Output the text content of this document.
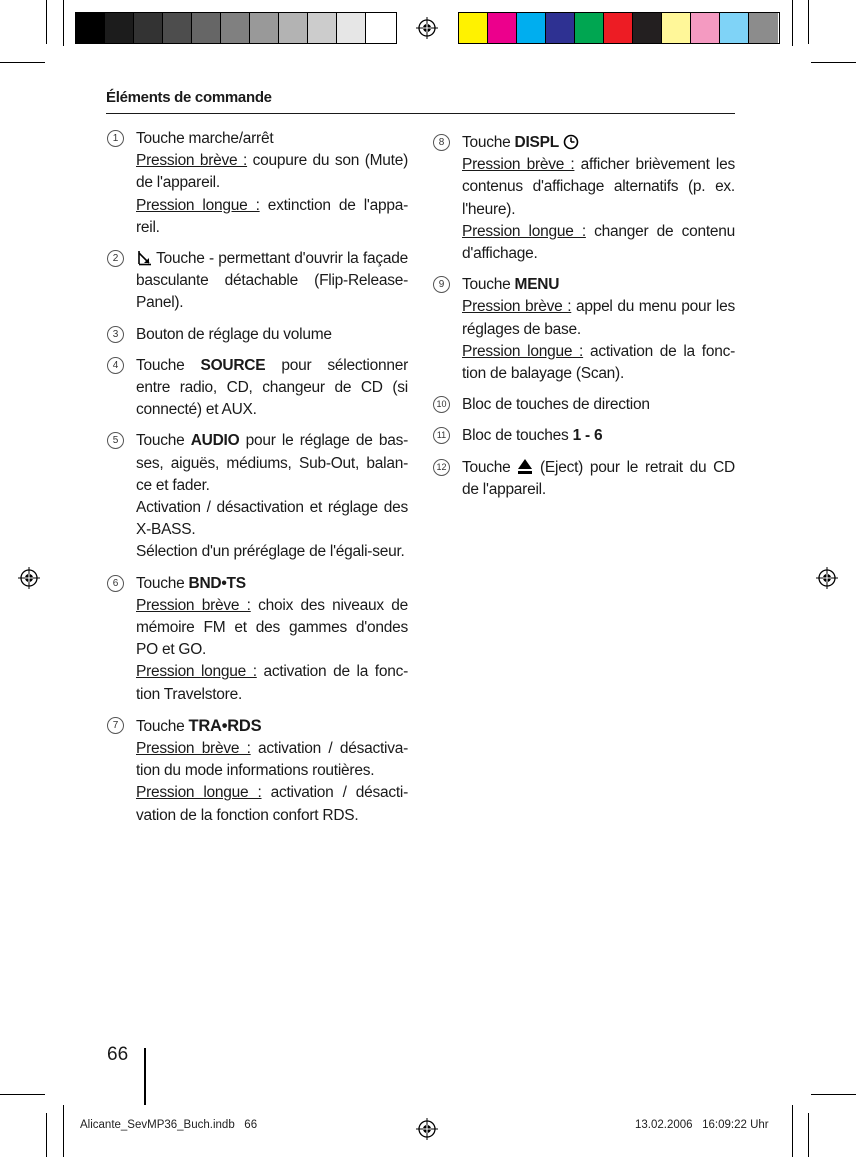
Éléments de commande
1	Touche marche/arrêt

Pression brève : coupure du son (Mute) de l'appareil.

Pression longue : extinction de l'appa-reil.

2	Touche - permettant d'ouvrir la façade basculante détachable (Flip-Release-Panel).

3	Bouton de réglage du volume

4	Touche SOURCE pour sélectionner entre radio, CD, changeur de CD (si connecté) et AUX.

5	Touche AUDIO pour le réglage de bas-ses, aiguës, médiums, Sub-Out, balan-ce et fader.

Activation / désactivation et réglage des X-BASS.

Sélection d'un préréglage de l'égali-seur.

6	Touche BND•TS

Pression brève : choix des niveaux de mémoire FM et des gammes d'ondes PO et GO.

Pression longue : activation de la fonc-tion Travelstore.

7	Touche TRA•RDS

Pression brève : activation / désactiva-tion du mode informations routières.

Pression longue : activation / désacti-vation de la fonction confort RDS.

8	Touche DISPL

Pression brève : afficher brièvement les contenus d'affichage alternatifs (p. ex. l'heure).

Pression longue : changer de contenu d'affichage.

9	Touche MENU

Pression brève : appel du menu pour les réglages de base.

Pression longue : activation de la fonc-tion de balayage (Scan).

10 Bloc de touches de direction

11 Bloc de touches 1 - 6

12 Touche  (Eject) pour le retrait du CD de l'appareil.

66
Alicante_SevMP36_Buch.indb   66	13.02.2006   16:09:22 Uhr
